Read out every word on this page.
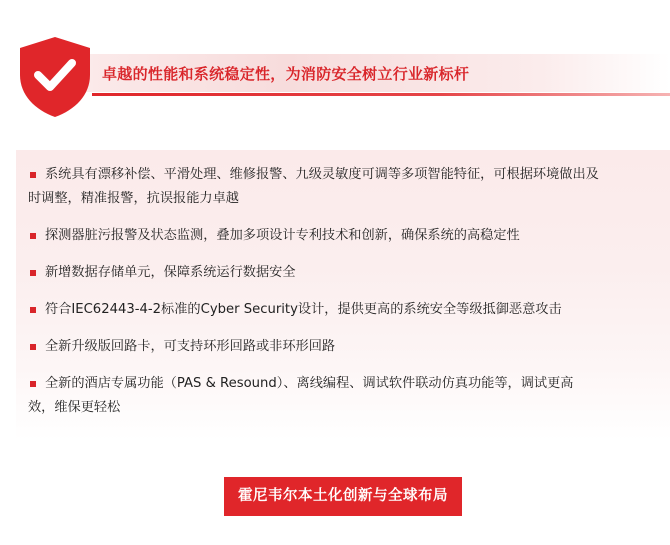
卓越的性能和系统稳定性，为消防安全树立行业新标杆
系统具有漂移补偿、平滑处理、维修报警、九级灵敏度可调等多项智能特征，可根据环境做出及
时调整，精准报警，抗误报能力卓越
探测器脏污报警及状态监测，叠加多项设计专利技术和创新，确保系统的高稳定性
新增数据存储单元，保障系统运行数据安全
符合IEC62443-4-2标准的Cyber Security设计，提供更高的系统安全等级抵御恶意攻击
全新升级版回路卡，可支持环形回路或非环形回路
全新的酒店专属功能（PAS & Resound）、离线编程、调试软件联动仿真功能等，调试更高
效，维保更轻松
霍尼韦尔本土化创新与全球布局
